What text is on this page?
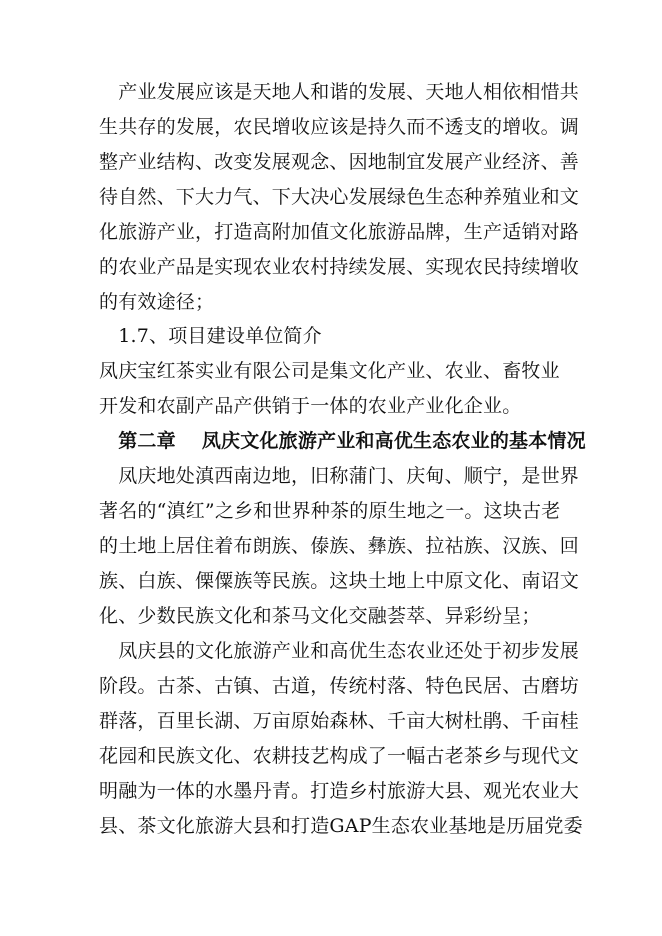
　产业发展应该是天地人和谐的发展、天地人相依相惜共
生共存的发展，农民增收应该是持久而不透支的增收。调
整产业结构、改变发展观念、因地制宜发展产业经济、善
待自然、下大力气、下大决心发展绿色生态种养殖业和文
化旅游产业，打造高附加值文化旅游品牌，生产适销对路
的农业产品是实现农业农村持续发展、实现农民持续增收
的有效途径；
　1.7、项目建设单位简介
凤庆宝红茶实业有限公司是集文化产业、农业、畜牧业
开发和农副产品产供销于一体的农业产业化企业。
　第二章　 凤庆文化旅游产业和高优生态农业的基本情况
　凤庆地处滇西南边地，旧称蒲门、庆甸、顺宁，是世界
著名的“滇红”之乡和世界种茶的原生地之一。这块古老
的土地上居住着布朗族、傣族、彝族、拉祜族、汉族、回
族、白族、傈僳族等民族。这块土地上中原文化、南诏文
化、少数民族文化和茶马文化交融荟萃、异彩纷呈；
　凤庆县的文化旅游产业和高优生态农业还处于初步发展
阶段。古茶、古镇、古道，传统村落、特色民居、古磨坊
群落，百里长湖、万亩原始森林、千亩大树杜鹃、千亩桂
花园和民族文化、农耕技艺构成了一幅古老茶乡与现代文
明融为一体的水墨丹青。打造乡村旅游大县、观光农业大
县、茶文化旅游大县和打造GAP生态农业基地是历届党委
